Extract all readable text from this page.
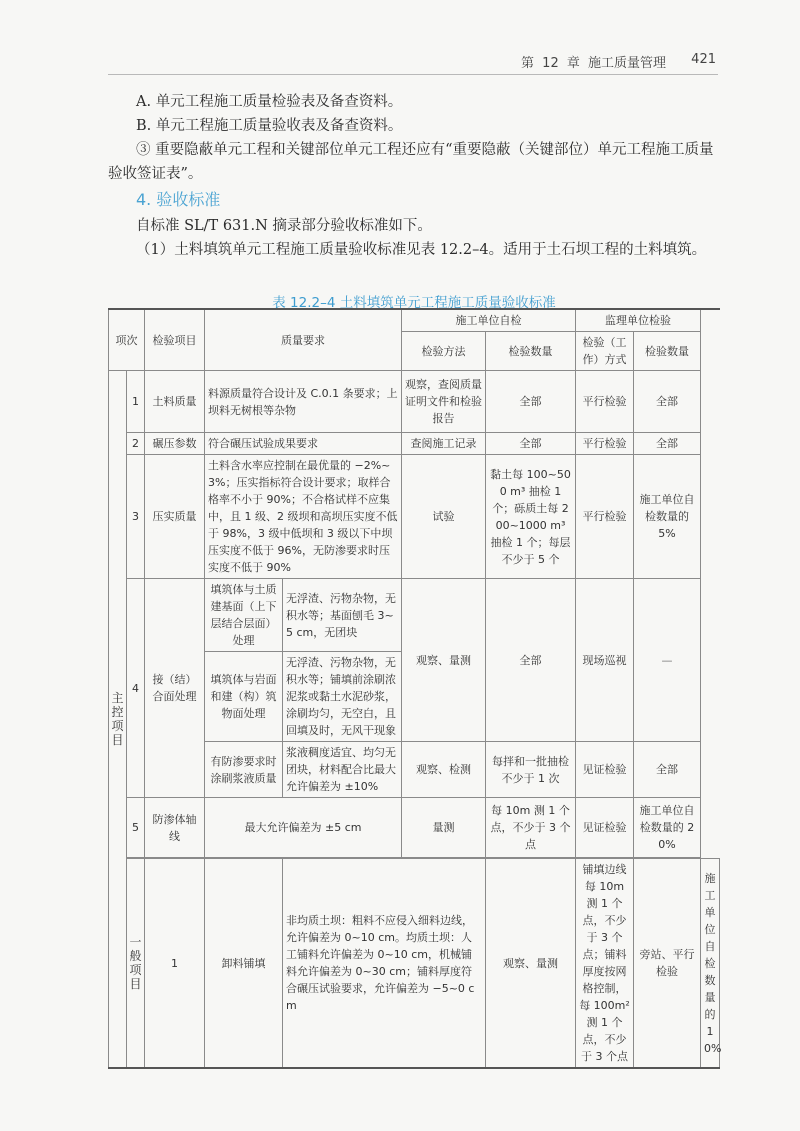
第 12 章 施工质量管理 421

A. 单元工程施工质量检验表及备查资料。

B. 单元工程施工质量验收表及备查资料。

③ 重要隐蔽单元工程和关键部位单元工程还应有“重要隐蔽（关键部位）单元工程施工质量验收签证表”。

4. 验收标准

自标准 SL/T 631.N 摘录部分验收标准如下。

（1）土料填筑单元工程施工质量验收标准见表 12.2–4。适用于土石坝工程的土料填筑。

表 12.2–4 土料填筑单元工程施工质量验收标准
项次		检验项目	质量要求		施工单位自检		监理单位检验		
					检验方法	检验数量	检验（工作）方式	检验数量	

主控项目	1	土料质量	料源质量符合设计及 C.0.1 条要求；上坝料无树根等杂物		观察，查阅质量证明文件和检验报告	全部	平行检验	全部	
	2	碾压参数	符合碾压试验成果要求		查阅施工记录	全部	平行检验	全部	
	3	压实质量	土料含水率应控制在最优量的 −2%~3%；压实指标符合设计要求；取样合格率不小于 90%；不合格试样不应集中，且 1 级、2 级坝和高坝压实度不低于 98%，3 级中低坝和 3 级以下中坝压实度不低于 96%，无防渗要求时压实度不低于 90%		试验	黏土每 100~500 m³ 抽检 1 个；砾质土每 200~1000 m³ 抽检 1 个；每层不少于 5 个	平行检验	施工单位自检数量的 5%	
	4	接（结）合面处理	填筑体与土质建基面（上下层结合层面）处理	无浮渣、污物杂物，无积水等；基面刨毛 3~5 cm，无团块	观察、量测	全部	现场巡视	—	
			填筑体与岩面和建（构）筑物面处理	无浮渣、污物杂物，无积水等；铺填前涂刷浓泥浆或黏土水泥砂浆，涂刷均匀，无空白，且回填及时，无风干现象					
			有防渗要求时涂刷浆液质量	浆液稠度适宜、均匀无团块，材料配合比最大允许偏差为 ±10%	观察、检测	每拌和一批抽检不少于 1 次	见证检验	全部	
	5	防渗体轴线	最大允许偏差为 ±5 cm		量测	每 10m 测 1 个点，不少于 3 个点	见证检验	施工单位自检数量的 20%	

	一般项目	1	卸料铺填	非均质土坝：粗料不应侵入细料边线，允许偏差为 0~10 cm。均质土坝：人工铺料允许偏差为 0~10 cm，机械铺料允许偏差为 0~30 cm；铺料厚度符合碾压试验要求，允许偏差为 −5~0 cm		观察、量测	铺填边线每 10m 测 1 个点，不少于 3 个点；铺料厚度按网格控制，每 100m² 测 1 个点，不少于 3 个点	旁站、平行检验	施工单位自检数量的 10%
